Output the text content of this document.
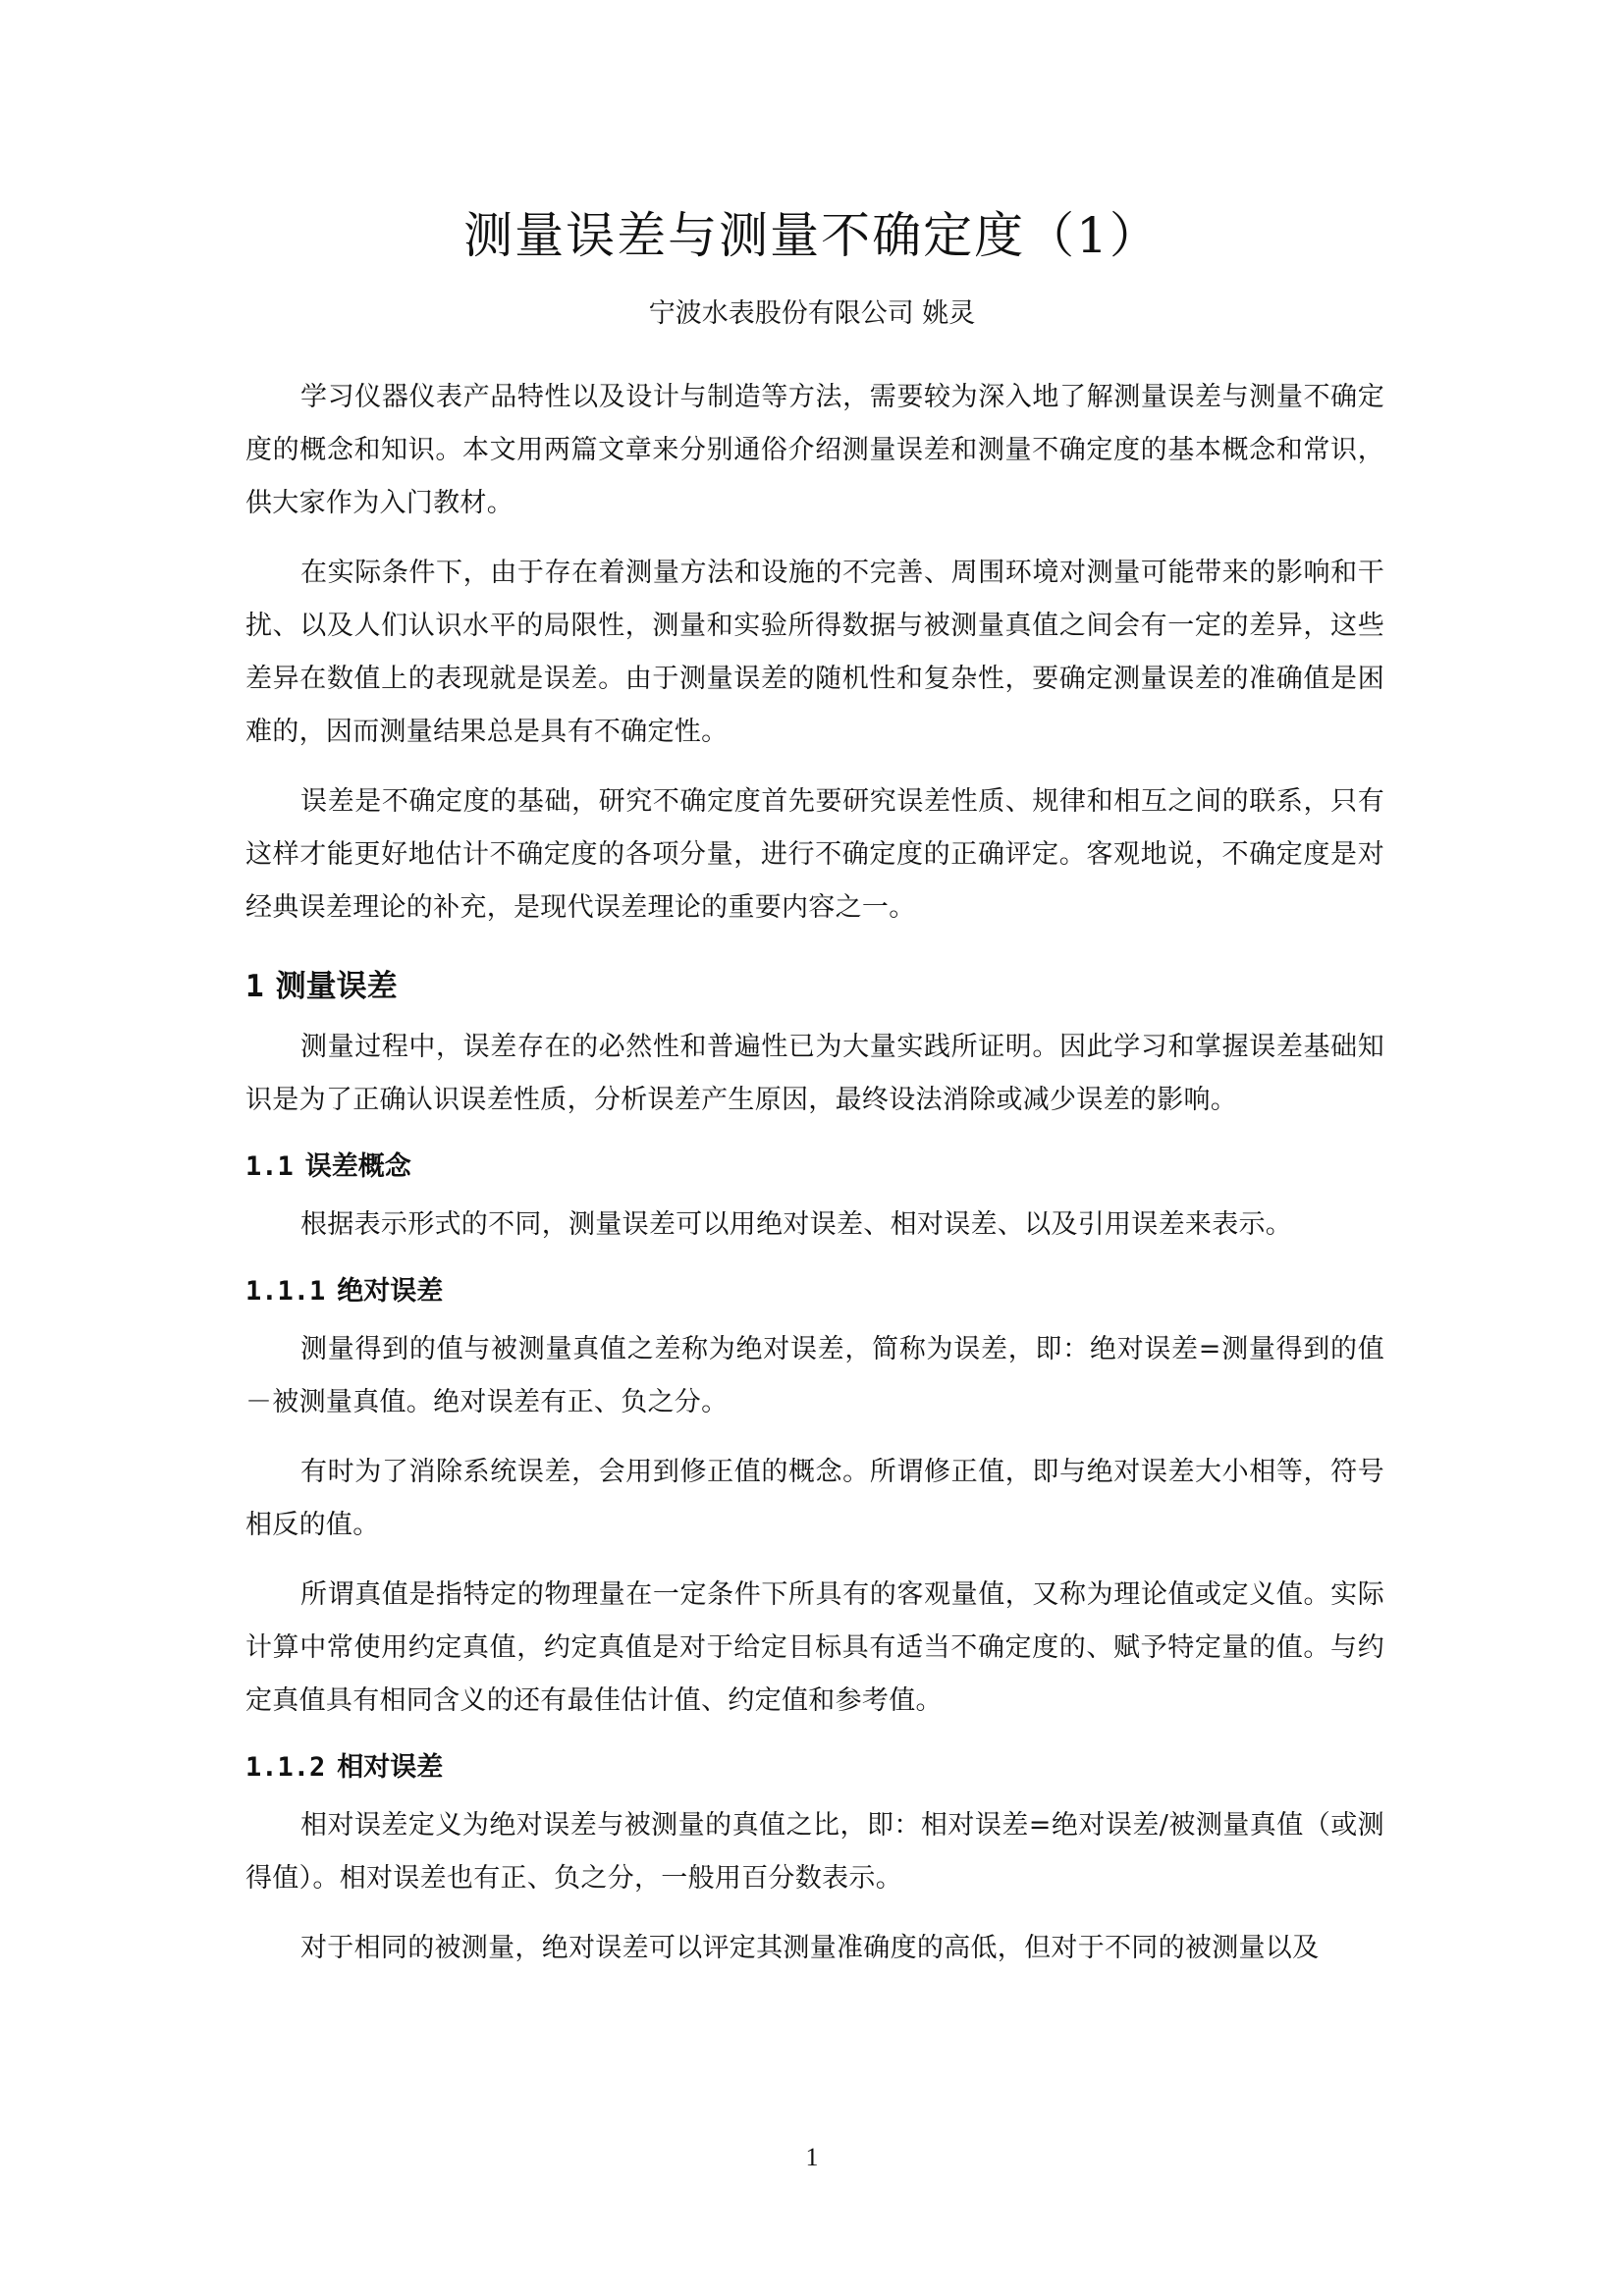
测量误差与测量不确定度（1）
宁波水表股份有限公司 姚灵

学习仪器仪表产品特性以及设计与制造等方法，需要较为深入地了解测量误差与测量不确定度的概念和知识。本文用两篇文章来分别通俗介绍测量误差和测量不确定度的基本概念和常识，供大家作为入门教材。

在实际条件下，由于存在着测量方法和设施的不完善、周围环境对测量可能带来的影响和干扰、以及人们认识水平的局限性，测量和实验所得数据与被测量真值之间会有一定的差异，这些差异在数值上的表现就是误差。由于测量误差的随机性和复杂性，要确定测量误差的准确值是困难的，因而测量结果总是具有不确定性。

误差是不确定度的基础，研究不确定度首先要研究误差性质、规律和相互之间的联系，只有这样才能更好地估计不确定度的各项分量，进行不确定度的正确评定。客观地说，不确定度是对经典误差理论的补充，是现代误差理论的重要内容之一。

1 测量误差

测量过程中，误差存在的必然性和普遍性已为大量实践所证明。因此学习和掌握误差基础知识是为了正确认识误差性质，分析误差产生原因，最终设法消除或减少误差的影响。

1.1 误差概念

根据表示形式的不同，测量误差可以用绝对误差、相对误差、以及引用误差来表示。

1.1.1 绝对误差

测量得到的值与被测量真值之差称为绝对误差，简称为误差，即：绝对误差=测量得到的值－被测量真值。绝对误差有正、负之分。

有时为了消除系统误差，会用到修正值的概念。所谓修正值，即与绝对误差大小相等，符号相反的值。

所谓真值是指特定的物理量在一定条件下所具有的客观量值，又称为理论值或定义值。实际计算中常使用约定真值，约定真值是对于给定目标具有适当不确定度的、赋予特定量的值。与约定真值具有相同含义的还有最佳估计值、约定值和参考值。

1.1.2 相对误差

相对误差定义为绝对误差与被测量的真值之比，即：相对误差=绝对误差/被测量真值（或测得值）。相对误差也有正、负之分，一般用百分数表示。

对于相同的被测量，绝对误差可以评定其测量准确度的高低，但对于不同的被测量以及

1
